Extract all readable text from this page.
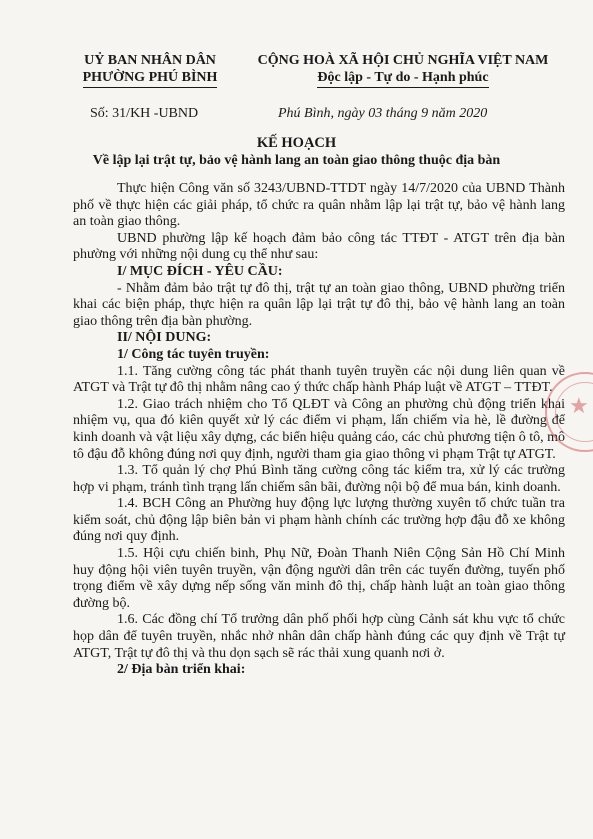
UỶ BAN NHÂN DÂN
PHƯỜNG PHÚ BÌNH
CỘNG HOÀ XÃ HỘI CHỦ NGHĨA VIỆT NAM
Độc lập - Tự do - Hạnh phúc
Số: 31/KH -UBND	Phú Bình, ngày 03 tháng 9 năm 2020
KẾ HOẠCH
Về lập lại trật tự, bảo vệ hành lang an toàn giao thông thuộc địa bàn

Thực hiện Công văn số 3243/UBND-TTDT ngày 14/7/2020 của UBND Thành phố về thực hiện các giải pháp, tổ chức ra quân nhằm lập lại trật tự, bảo vệ hành lang an toàn giao thông.

UBND phường lập kế hoạch đảm bảo công tác TTĐT - ATGT trên địa bàn phường với những nội dung cụ thể như sau:

I/ MỤC ĐÍCH - YÊU CẦU:

- Nhằm đảm bảo trật tự đô thị, trật tự an toàn giao thông, UBND phường triển khai các biện pháp, thực hiện ra quân lập lại trật tự đô thị, bảo vệ hành lang an toàn giao thông trên địa bàn phường.

II/ NỘI DUNG:

1/ Công tác tuyên truyền:

1.1. Tăng cường công tác phát thanh tuyên truyền các nội dung liên quan về ATGT và Trật tự đô thị nhằm nâng cao ý thức chấp hành Pháp luật về ATGT – TTĐT.

1.2. Giao trách nhiệm cho Tổ QLĐT và Công an phường chủ động triển khai nhiệm vụ, qua đó kiên quyết xử lý các điểm vi phạm, lấn chiếm vỉa hè, lề đường để kinh doanh và vật liệu xây dựng, các biển hiệu quảng cáo, các chủ phương tiện ô tô, mô tô đậu đỗ không đúng nơi quy định, người tham gia giao thông vi phạm Trật tự ATGT.

1.3. Tổ quản lý chợ Phú Bình tăng cường công tác kiểm tra, xử lý các trường hợp vi phạm, tránh tình trạng lấn chiếm sân bãi, đường nội bộ để mua bán, kinh doanh.

1.4. BCH Công an Phường huy động lực lượng thường xuyên tổ chức tuần tra kiểm soát, chủ động lập biên bản vi phạm hành chính các trường hợp đậu đỗ xe không đúng nơi quy định.

1.5. Hội cựu chiến binh, Phụ Nữ, Đoàn Thanh Niên Cộng Sản Hồ Chí Minh huy động hội viên tuyên truyền, vận động người dân trên các tuyến đường, tuyến phố trọng điểm về xây dựng nếp sống văn minh đô thị, chấp hành luật an toàn giao thông đường bộ.

1.6. Các đồng chí Tổ trưởng dân phố phối hợp cùng Cảnh sát khu vực tổ chức họp dân để tuyên truyền, nhắc nhở nhân dân chấp hành đúng các quy định về Trật tự ATGT, Trật tự đô thị và thu dọn sạch sẽ rác thải xung quanh nơi ở.

2/ Địa bàn triển khai:

★
